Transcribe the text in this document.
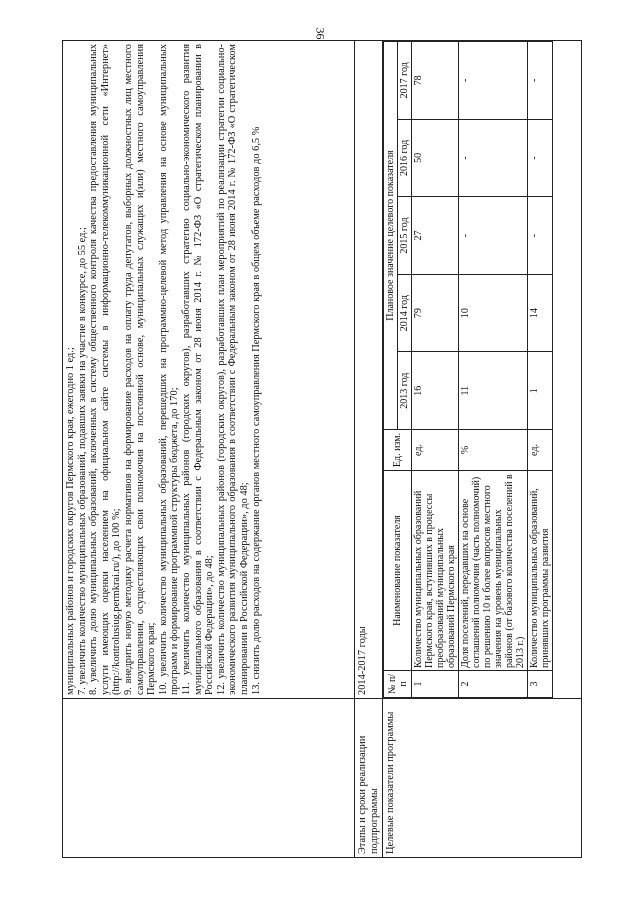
36

муниципальных районов и городских округов Пермского края, ежегодно 1 ед.; 7. увеличить количество муниципальных образований, подавших заявки на участие в конкурсе, до 55 ед.; 8. увеличить долю муниципальных образований, включенных в систему общественного контроля качества предоставления муниципальных услуги имеющих оценки населением на официальном сайте системы в информационно-телекоммуникационной сети «Интернет» (http://kontrolusiug.permkrai.ru/), до 100 %; 9. внедрить новую методику расчета нормативов на формирование расходов на оплату труда депутатов, выборных должностных лиц местного самоуправления, осуществляющих свои полномочия на постоянной основе, муниципальных служащих и(или) местного самоуправления Пермского края; 10. увеличить количество муниципальных образований, перешедших на программно-целевой метод управления на основе муниципальных программ и формирование программной структуры бюджета, до 170; 11. увеличить количество муниципальных районов (городских округов), разработавших стратегию социально-экономического развития муниципального образования в соответствии с Федеральным законом от 28 июня 2014 г. № 172-ФЗ «О стратегическом планировании в Российской Федерации», до 48; 12. увеличить количество муниципальных районов (городских округов), разработавших план мероприятий по реализации стратегии социально-экономического развития муниципального образования в соответствии с Федеральным законом от 28 июня 2014 г. № 172-ФЗ «О стратегическом планировании в Российской Федерации», до 48; 13. снизить долю расходов на содержание органов местного самоуправления Пермского края в общем объеме расходов до 6,5 %

Этапы и сроки реализации подпрограммы	2014-2017 годы
Целевые показатели программы	
№ п/п	Наименование показателя	Ед. изм.	Плановое значение целевого показателя
2013 год	2014 год	2015 год	2016 год	2017 год
1	Количество муниципальных образований Пермского края, вступивших в процессы преобразований муниципальных образований Пермского края	ед.	16	79	27	50	78
2	Доля поселений, передавших на основе соглашений полномочия (часть полномочий) по решению 10 и более вопросов местного значения на уровень муниципальных районов (от базового количества поселений в 2013 г.)	%	11	10	-	-	-
3	Количество муниципальных образований, принявших программы развития	ед.	1	14	-	-	-
